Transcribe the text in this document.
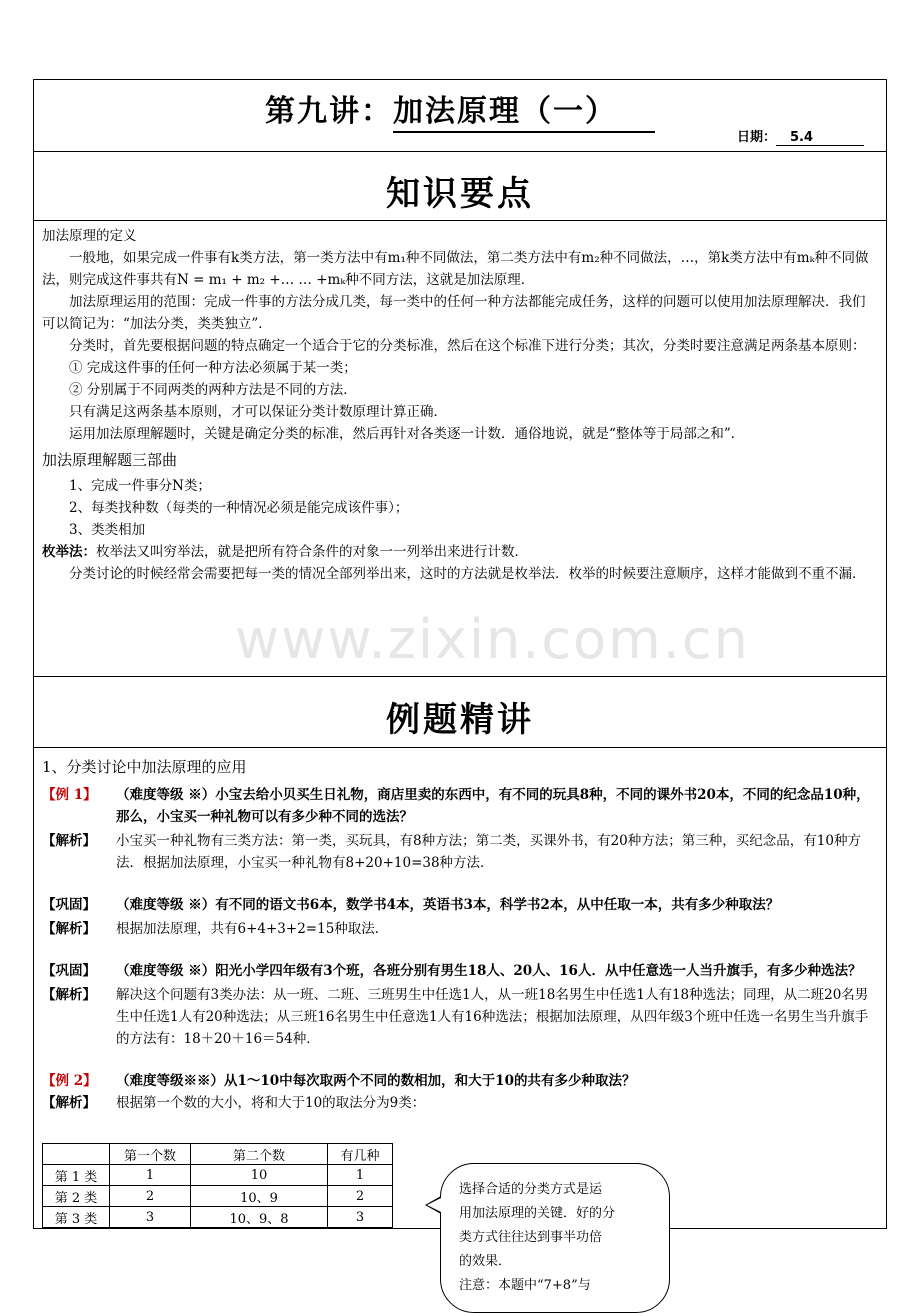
第九讲：加法原理（一）
日期： 5.4
知识要点

加法原理的定义

一般地，如果完成一件事有k类方法，第一类方法中有m₁种不同做法，第二类方法中有m₂种不同做法，…，第k类方法中有mₖ种不同做法，则完成这件事共有N = m₁ + m₂ +… … +mₖ种不同方法，这就是加法原理．

加法原理运用的范围：完成一件事的方法分成几类，每一类中的任何一种方法都能完成任务，这样的问题可以使用加法原理解决．我们可以简记为：“加法分类，类类独立”．

分类时，首先要根据问题的特点确定一个适合于它的分类标准，然后在这个标准下进行分类；其次，分类时要注意满足两条基本原则：

① 完成这件事的任何一种方法必须属于某一类；

② 分别属于不同两类的两种方法是不同的方法．

只有满足这两条基本原则，才可以保证分类计数原理计算正确．

运用加法原理解题时，关键是确定分类的标准，然后再针对各类逐一计数．通俗地说，就是“整体等于局部之和”．

加法原理解题三部曲

1、完成一件事分N类；

2、每类找种数（每类的一种情况必须是能完成该件事）；

3、类类相加

枚举法：枚举法又叫穷举法，就是把所有符合条件的对象一一列举出来进行计数．

分类讨论的时候经常会需要把每一类的情况全部列举出来，这时的方法就是枚举法．枚举的时候要注意顺序，这样才能做到不重不漏．

例题精讲

1、分类讨论中加法原理的应用

【例 1】	（难度等级 ※）小宝去给小贝买生日礼物，商店里卖的东西中，有不同的玩具8种，不同的课外书20本，不同的纪念品10种，那么，小宝买一种礼物可以有多少种不同的选法？
【解析】	小宝买一种礼物有三类方法：第一类，买玩具，有8种方法；第二类，买课外书，有20种方法；第三种，买纪念品，有10种方法．根据加法原理，小宝买一种礼物有8+20+10=38种方法．
【巩固】	（难度等级 ※）有不同的语文书6本，数学书4本，英语书3本，科学书2本，从中任取一本，共有多少种取法？
【解析】	根据加法原理，共有6+4+3+2=15种取法．
【巩固】	（难度等级 ※）阳光小学四年级有3个班，各班分别有男生18人、20人、16人．从中任意选一人当升旗手，有多少种选法？
【解析】	解决这个问题有3类办法：从一班、二班、三班男生中任选1人，从一班18名男生中任选1人有18种选法；同理，从二班20名男生中任选1人有20种选法；从三班16名男生中任意选1人有16种选法；根据加法原理，从四年级3个班中任选一名男生当升旗手的方法有：18＋20＋16＝54种．
【例 2】	（难度等级※※）从1～10中每次取两个不同的数相加，和大于10的共有多少种取法？
【解析】	根据第一个数的大小，将和大于10的取法分为9类：
	第一个数	第二个数	有几种
第 1 类	1	10	1
第 2 类	2	10、9	2
第 3 类	3	10、9、8	3
www.zixin.com.cn
选择合适的分类方式是运
用加法原理的关键．好的分
类方式往往达到事半功倍
的效果．
注意：本题中“7+8”与
